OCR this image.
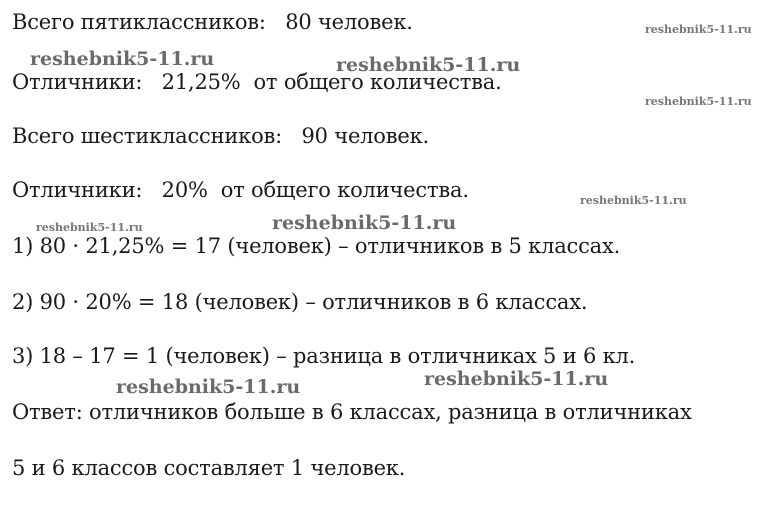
Всего пятиклассников:   80 человек.
Отличники:   21,25%  от общего количества.
Всего шестиклассников:   90 человек.
Отличники:   20%  от общего количества.
1) 80 · 21,25% = 17 (человек) – отличников в 5 классах.
2) 90 · 20% = 18 (человек) – отличников в 6 классах.
3) 18 – 17 = 1 (человек) – разница в отличниках 5 и 6 кл.
Ответ: отличников больше в 6 классах, разница в отличниках
5 и 6 классов составляет 1 человек.
reshebnik5-11.ru	reshebnik5-11.ru
reshebnik5-11.ru
reshebnik5-11.ru
reshebnik5-11.ru
reshebnik5-11.ru	reshebnik5-11.ru
reshebnik5-11.ru
reshebnik5-11.ru
